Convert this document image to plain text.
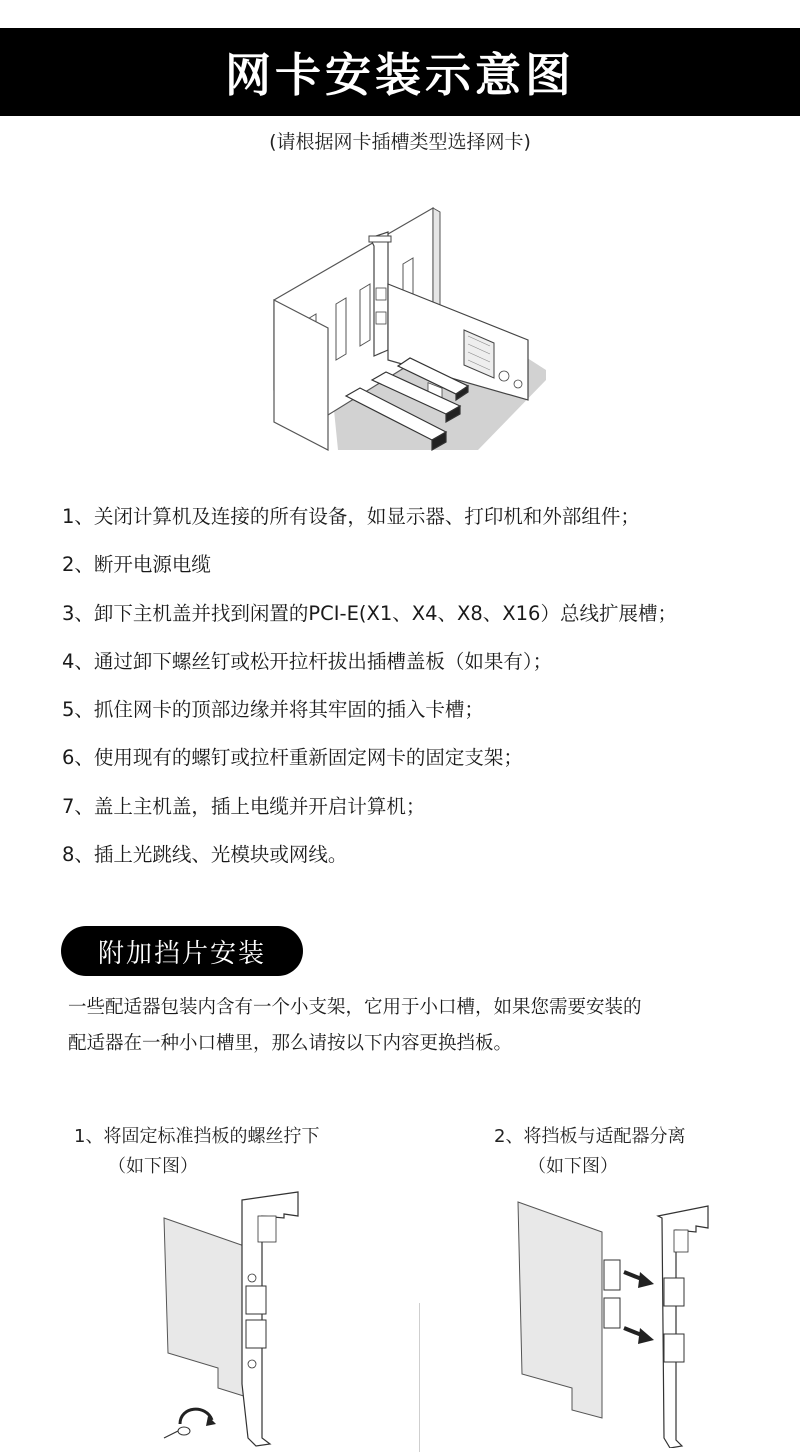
网卡安装示意图
(请根据网卡插槽类型选择网卡)
1、关闭计算机及连接的所有设备，如显示器、打印机和外部组件；
2、断开电源电缆
3、卸下主机盖并找到闲置的PCI-E(X1、X4、X8、X16）总线扩展槽；
4、通过卸下螺丝钉或松开拉杆拔出插槽盖板（如果有）；
5、抓住网卡的顶部边缘并将其牢固的插入卡槽；
6、使用现有的螺钉或拉杆重新固定网卡的固定支架；
7、盖上主机盖，插上电缆并开启计算机；
8、插上光跳线、光模块或网线。
附加挡片安装

一些配适器包装内含有一个小支架，它用于小口槽，如果您需要安装的

配适器在一种小口槽里，那么请按以下内容更换挡板。

1、将固定标准挡板的螺丝拧下
（如下图）
2、将挡板与适配器分离
（如下图）
